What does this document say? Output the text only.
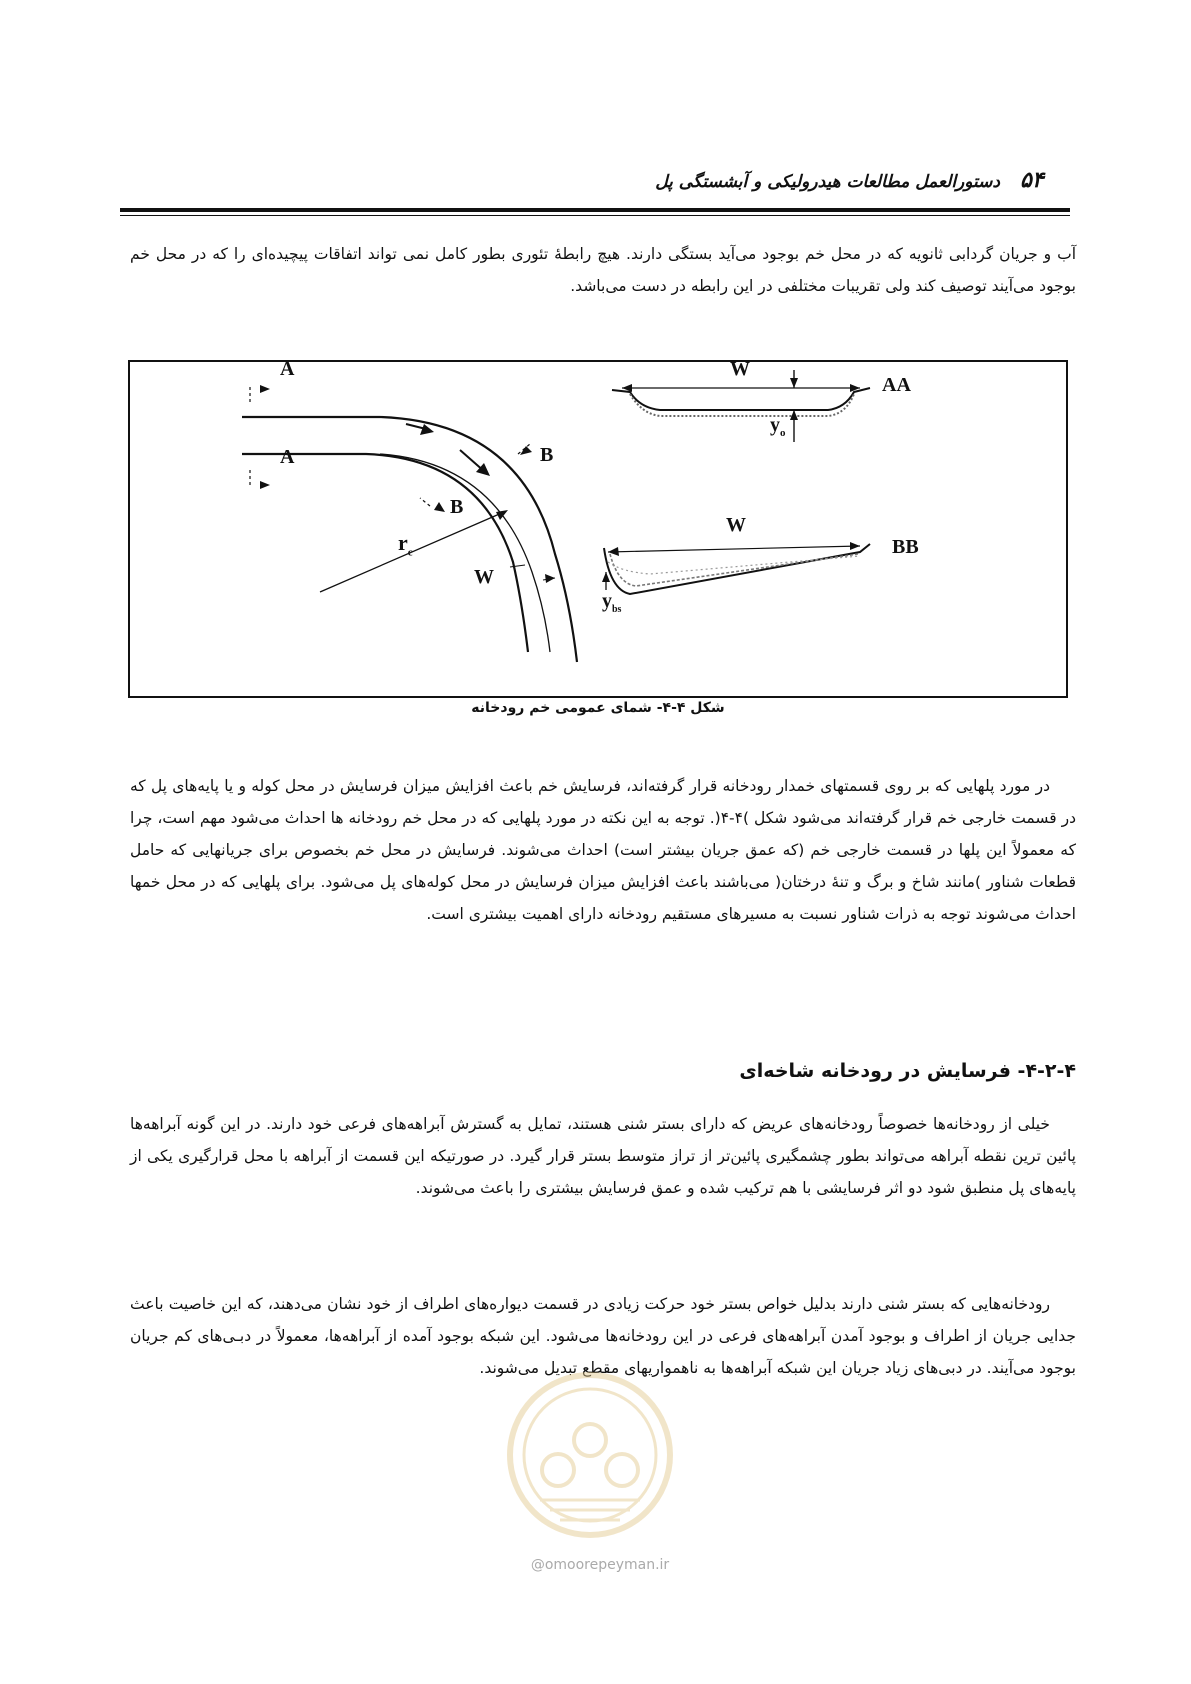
۵۴
دستورالعمل مطالعات هیدرولیکی و آبشستگی پل

آب و جریان گردابی ثانویه که در محل خم بوجود می‌آید بستگی دارند. هیچ رابطهٔ تئوری بطور کامل نمی تواند اتفاقات پیچیده‌ای را که در محل خم بوجود می‌آیند توصیف کند ولی تقریبات مختلفی در این رابطه در دست می‌باشد.

A
A	B
B
$r_c$
W
AA
W
$y_o$
BB
W
$y_{bs}$
شکل ۴-۴- شمای عمومی خم رودخانه

در مورد پلهایی که بر روی قسمتهای خمدار رودخانه قرار گرفته‌اند، فرسایش خم باعث افزایش میزان فرسایش در محل کوله و یا پایه‌های پل که در قسمت خارجی خم قرار گرفته‌اند می‌شود شکل )۴-۴(. توجه به این نکته در مورد پلهایی که در محل خم رودخانه ها احداث می‌شود مهم است، چرا که معمولاً این پلها در قسمت خارجی خم (که عمق جریان بیشتر است) احداث می‌شوند. فرسایش در محل خم بخصوص برای جریانهایی که حامل قطعات شناور )مانند شاخ و برگ و تنهٔ درختان( می‌باشند باعث افزایش میزان فرسایش در محل کوله‌های پل می‌شود. برای پلهایی که در محل خمها احداث می‌شوند توجه به ذرات شناور نسبت به مسیرهای مستقیم رودخانه دارای اهمیت بیشتری است.

۴-۲-۴- فرسایش در رودخانه شاخه‌ای

خیلی از رودخانه‌ها خصوصاً رودخانه‌های عریض که دارای بستر شنی هستند، تمایل به گسترش آبراهه‌های فرعی خود دارند. در این گونه آبراهه‌ها پائین ترین نقطه آبراهه می‌تواند بطور چشمگیری پائین‌تر از تراز متوسط بستر قرار گیرد. در صورتیکه این قسمت از آبراهه با محل قرارگیری یکی از پایه‌های پل منطبق شود دو اثر فرسایشی با هم ترکیب شده و عمق فرسایش بیشتری را باعث می‌شوند.

رودخانه‌هایی که بستر شنی دارند بدلیل خواص بستر خود حرکت زیادی در قسمت دیواره‌های اطراف از خود نشان می‌دهند، که این خاصیت باعث جدایی جریان از اطراف و بوجود آمدن آبراهه‌های فرعی در این رودخانه‌ها می‌شود. این شبکه بوجود آمده از آبراهه‌ها، معمولاً در دبـی‌های کم جریان بوجود می‌آیند. در دبی‌های زیاد جریان این شبکه آبراهه‌ها به ناهمواریهای مقطع تبدیل می‌شوند.

@omoorepeyman.ir
